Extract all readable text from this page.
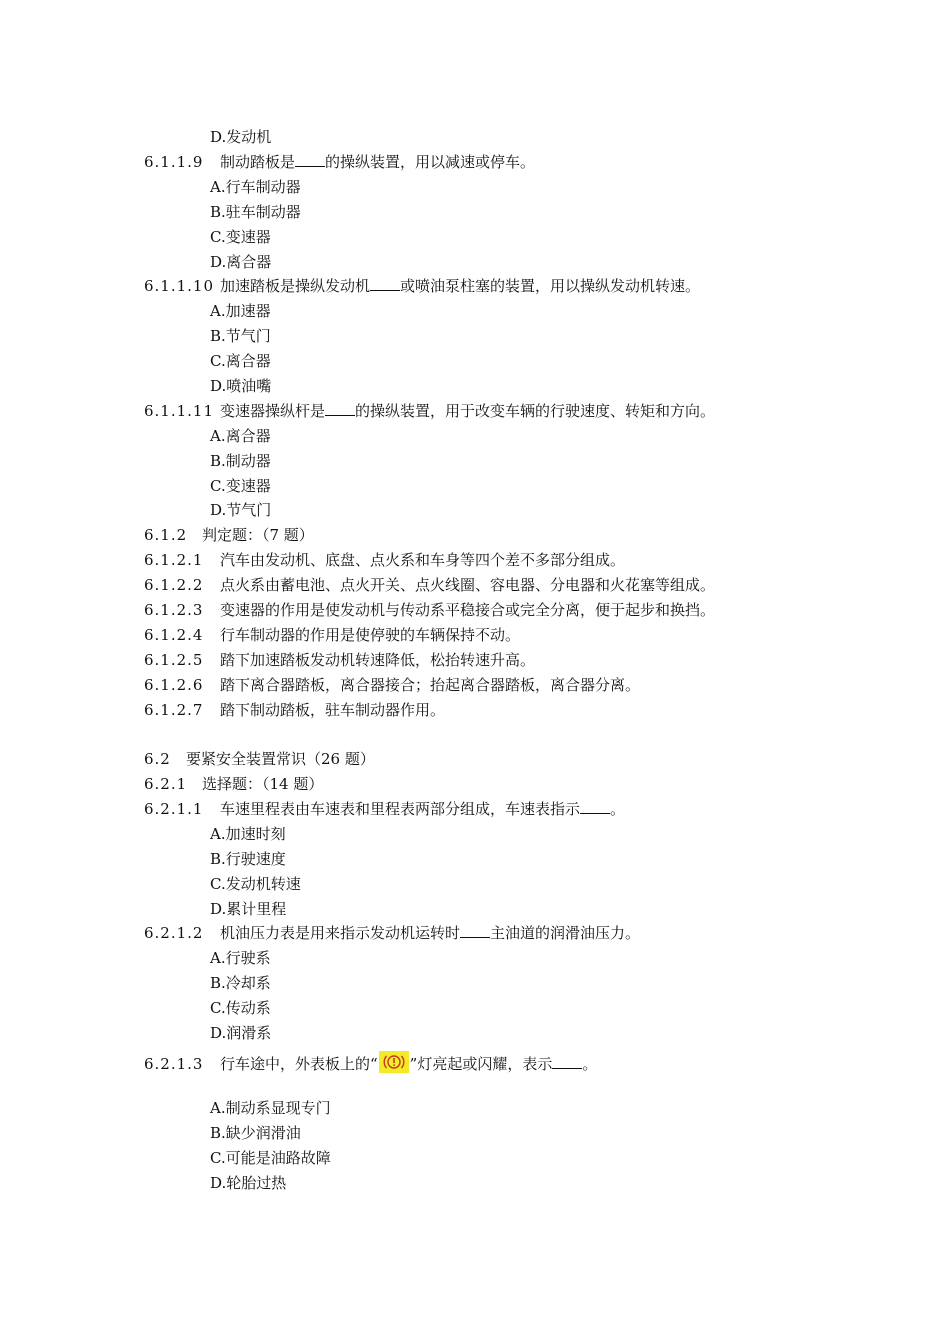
D.发动机
6.1.1.9 制动踏板是 的操纵装置，用以减速或停车。
A.行车制动器
B.驻车制动器
C.变速器
D.离合器
6.1.1.10 加速踏板是操纵发动机 或喷油泵柱塞的装置，用以操纵发动机转速。
A.加速器
B.节气门
C.离合器
D.喷油嘴
6.1.1.11 变速器操纵杆是 的操纵装置，用于改变车辆的行驶速度、转矩和方向。
A.离合器
B.制动器
C.变速器
D.节气门
6.1.2 判定题：（7 题）
6.1.2.1 汽车由发动机、底盘、点火系和车身等四个差不多部分组成。
6.1.2.2 点火系由蓄电池、点火开关、点火线圈、容电器、分电器和火花塞等组成。
6.1.2.3 变速器的作用是使发动机与传动系平稳接合或完全分离，便于起步和换挡。
6.1.2.4 行车制动器的作用是使停驶的车辆保持不动。
6.1.2.5 踏下加速踏板发动机转速降低，松抬转速升高。
6.1.2.6 踏下离合器踏板，离合器接合；抬起离合器踏板，离合器分离。
6.1.2.7 踏下制动踏板，驻车制动器作用。
6.2 要紧安全装置常识（26 题）
6.2.1 选择题：（14 题）
6.2.1.1 车速里程表由车速表和里程表两部分组成，车速表指示 。
A.加速时刻
B.行驶速度
C.发动机转速
D.累计里程
6.2.1.2 机油压力表是用来指示发动机运转时 主油道的润滑油压力。
A.行驶系
B.冷却系
C.传动系
D.润滑系
6.2.1.3 行车途中，外表板上的“ ”灯亮起或闪耀，表示 。
A.制动系显现专门
B.缺少润滑油
C.可能是油路故障
D.轮胎过热
